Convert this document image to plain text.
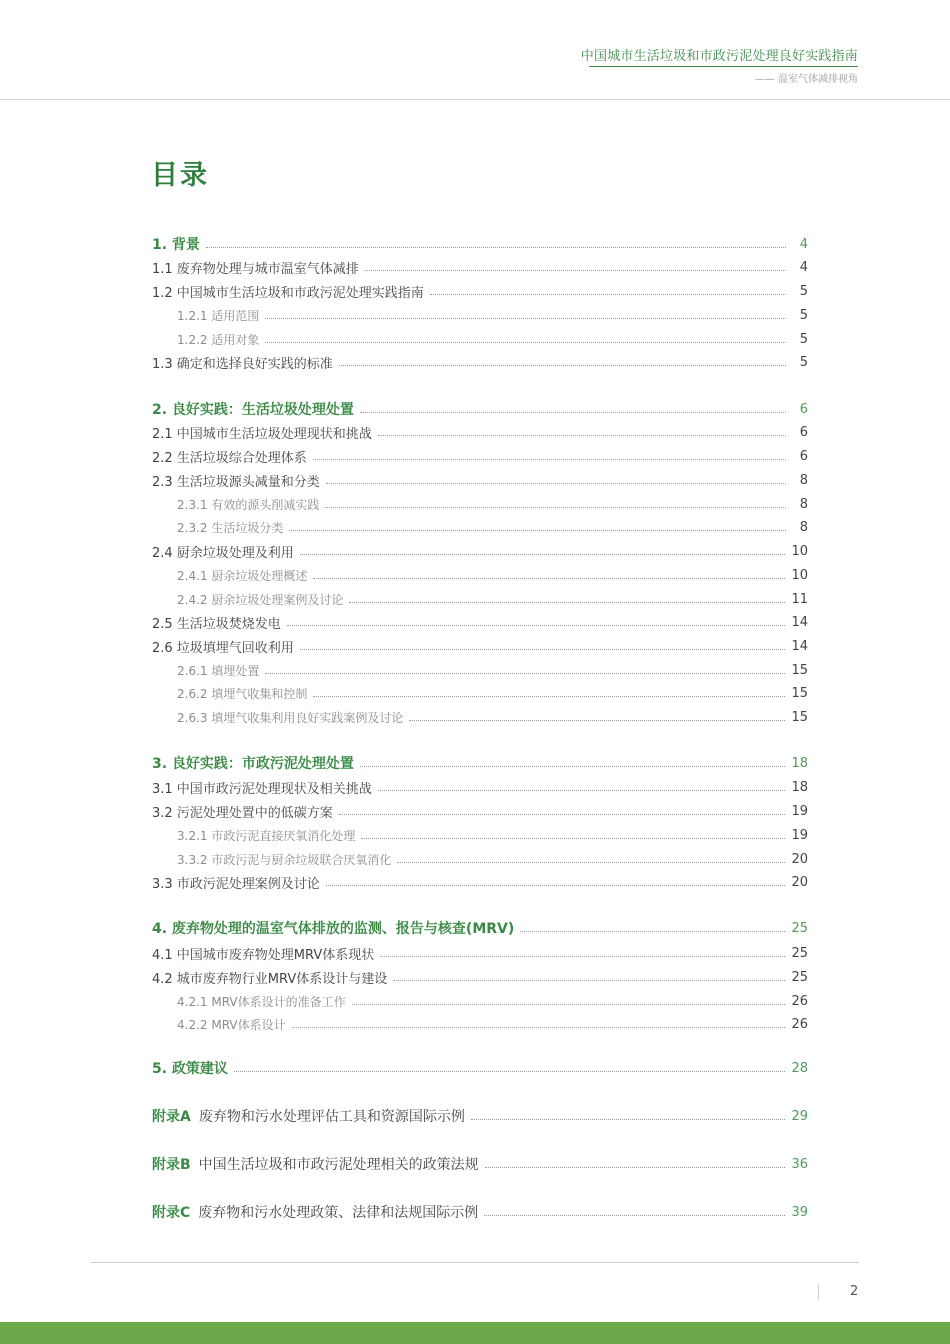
中国城市生活垃圾和市政污泥处理良好实践指南
—— 温室气体减排视角
目录
1. 背景	4
1.1 废弃物处理与城市温室气体减排	4
1.2 中国城市生活垃圾和市政污泥处理实践指南	5
1.2.1 适用范围	5
1.2.2 适用对象	5
1.3 确定和选择良好实践的标准	5
2. 良好实践：生活垃圾处理处置	6
2.1 中国城市生活垃圾处理现状和挑战	6
2.2 生活垃圾综合处理体系	6
2.3 生活垃圾源头减量和分类	8
2.3.1 有效的源头削减实践	8
2.3.2 生活垃圾分类	8
2.4 厨余垃圾处理及利用	10
2.4.1 厨余垃圾处理概述	10
2.4.2 厨余垃圾处理案例及讨论	11
2.5 生活垃圾焚烧发电	14
2.6 垃圾填埋气回收利用	14
2.6.1 填埋处置	15
2.6.2 填埋气收集和控制	15
2.6.3 填埋气收集利用良好实践案例及讨论	15
3. 良好实践：市政污泥处理处置	18
3.1 中国市政污泥处理现状及相关挑战	18
3.2 污泥处理处置中的低碳方案	19
3.2.1 市政污泥直接厌氧消化处理	19
3.3.2 市政污泥与厨余垃圾联合厌氧消化	20
3.3 市政污泥处理案例及讨论	20
4. 废弃物处理的温室气体排放的监测、报告与核查(MRV)	25
4.1 中国城市废弃物处理MRV体系现状	25
4.2 城市废弃物行业MRV体系设计与建设	25
4.2.1 MRV体系设计的准备工作	26
4.2.2 MRV体系设计	26
5. 政策建议	28
附录A 废弃物和污水处理评估工具和资源国际示例	29
附录B 中国生活垃圾和市政污泥处理相关的政策法规	36
附录C 废弃物和污水处理政策、法律和法规国际示例	39
2
